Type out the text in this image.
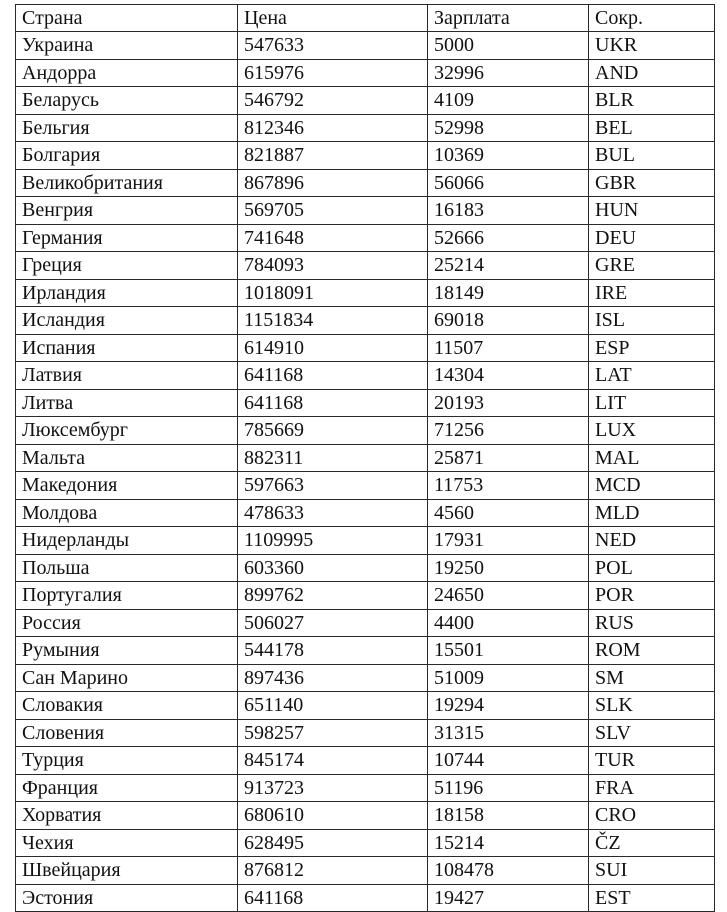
Страна	Цена	Зарплата	Сокр.
Украина	547633	5000	UKR
Андорра	615976	32996	AND
Беларусь	546792	4109	BLR
Бельгия	812346	52998	BEL
Болгария	821887	10369	BUL
Великобритания	867896	56066	GBR
Венгрия	569705	16183	HUN
Германия	741648	52666	DEU
Греция	784093	25214	GRE
Ирландия	1018091	18149	IRE
Исландия	1151834	69018	ISL
Испания	614910	11507	ESP
Латвия	641168	14304	LAT
Литва	641168	20193	LIT
Люксембург	785669	71256	LUX
Мальта	882311	25871	MAL
Македония	597663	11753	MCD
Молдова	478633	4560	MLD
Нидерланды	1109995	17931	NED
Польша	603360	19250	POL
Португалия	899762	24650	POR
Россия	506027	4400	RUS
Румыния	544178	15501	ROM
Сан Марино	897436	51009	SM
Словакия	651140	19294	SLK
Словения	598257	31315	SLV
Турция	845174	10744	TUR
Франция	913723	51196	FRA
Хорватия	680610	18158	CRO
Чехия	628495	15214	ČZ
Швейцария	876812	108478	SUI
Эстония	641168	19427	EST
